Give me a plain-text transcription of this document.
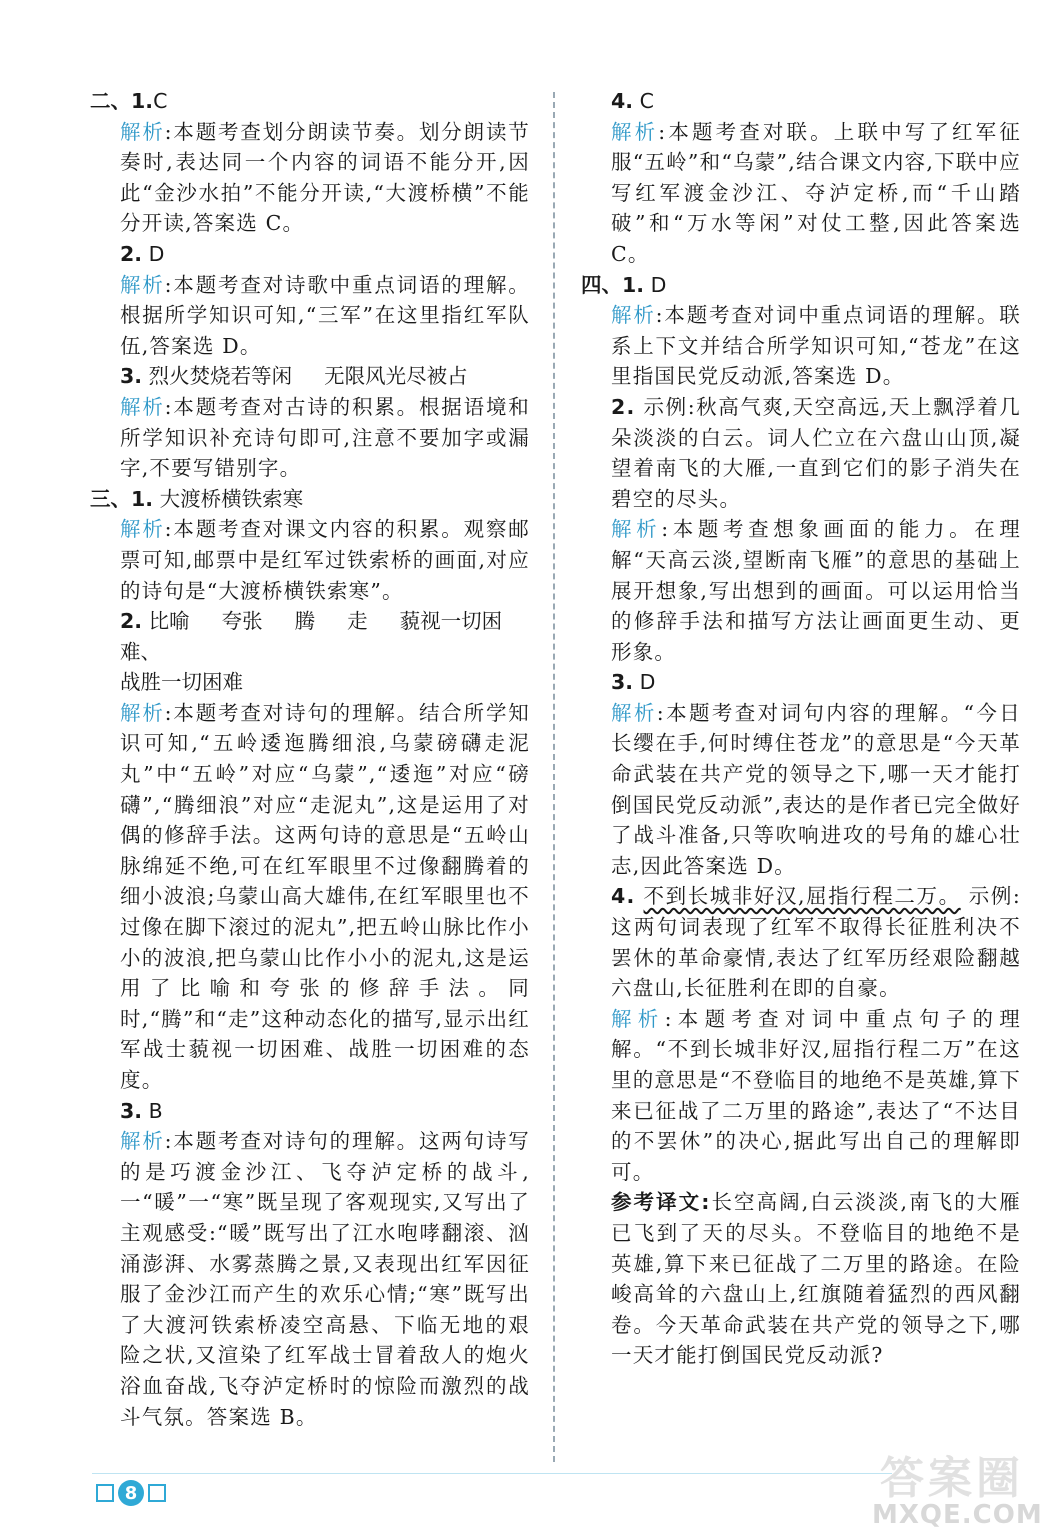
二、1.C
解析:本题考查划分朗读节奏。划分朗读节奏时,表达同一个内容的词语不能分开,因此“金沙水拍”不能分开读,“大渡桥横”不能分开读,答案选 C。
2. D
解析:本题考查对诗歌中重点词语的理解。根据所学知识可知,“三军”在这里指红军队伍,答案选 D。
3. 烈火焚烧若等闲 无限风光尽被占
解析:本题考查对古诗的积累。根据语境和所学知识补充诗句即可,注意不要加字或漏字,不要写错别字。
三、1. 大渡桥横铁索寒
解析:本题考查对课文内容的积累。观察邮票可知,邮票中是红军过铁索桥的画面,对应的诗句是“大渡桥横铁索寒”。
2. 比喻 夸张 腾 走 藐视一切困难、
战胜一切困难
解析:本题考查对诗句的理解。结合所学知识可知,“五岭逶迤腾细浪,乌蒙磅礴走泥丸”中“五岭”对应“乌蒙”,“逶迤”对应“磅礴”,“腾细浪”对应“走泥丸”,这是运用了对偶的修辞手法。这两句诗的意思是“五岭山脉绵延不绝,可在红军眼里不过像翻腾着的细小波浪;乌蒙山高大雄伟,在红军眼里也不过像在脚下滚过的泥丸”,把五岭山脉比作小小的波浪,把乌蒙山比作小小的泥丸,这是运用了比喻和夸张的修辞手法。同时,“腾”和“走”这种动态化的描写,显示出红军战士藐视一切困难、战胜一切困难的态度。
3. B
解析:本题考查对诗句的理解。这两句诗写的是巧渡金沙江、飞夺泸定桥的战斗,一“暖”一“寒”既呈现了客观现实,又写出了主观感受:“暖”既写出了江水咆哮翻滚、汹涌澎湃、水雾蒸腾之景,又表现出红军因征服了金沙江而产生的欢乐心情;“寒”既写出了大渡河铁索桥凌空高悬、下临无地的艰险之状,又渲染了红军战士冒着敌人的炮火浴血奋战,飞夺泸定桥时的惊险而激烈的战斗气氛。答案选 B。
4. C
解析:本题考查对联。上联中写了红军征服“五岭”和“乌蒙”,结合课文内容,下联中应写红军渡金沙江、夺泸定桥,而“千山踏破”和“万水等闲”对仗工整,因此答案选 C。
四、1. D
解析:本题考查对词中重点词语的理解。联系上下文并结合所学知识可知,“苍龙”在这里指国民党反动派,答案选 D。
2. 示例:秋高气爽,天空高远,天上飘浮着几朵淡淡的白云。词人伫立在六盘山山顶,凝望着南飞的大雁,一直到它们的影子消失在碧空的尽头。
解析:本题考查想象画面的能力。在理解“天高云淡,望断南飞雁”的意思的基础上展开想象,写出想到的画面。可以运用恰当的修辞手法和描写方法让画面更生动、更形象。
3. D
解析:本题考查对词句内容的理解。“今日长缨在手,何时缚住苍龙”的意思是“今天革命武装在共产党的领导之下,哪一天才能打倒国民党反动派”,表达的是作者已完全做好了战斗准备,只等吹响进攻的号角的雄心壮志,因此答案选 D。
4. 不到长城非好汉,屈指行程二万。 示例:这两句词表现了红军不取得长征胜利决不罢休的革命豪情,表达了红军历经艰险翻越六盘山,长征胜利在即的自豪。
解析:本题考查对词中重点句子的理解。“不到长城非好汉,屈指行程二万”在这里的意思是“不登临目的地绝不是英雄,算下来已征战了二万里的路途”,表达了“不达目的不罢休”的决心,据此写出自己的理解即可。
参考译文:长空高阔,白云淡淡,南飞的大雁已飞到了天的尽头。不登临目的地绝不是英雄,算下来已征战了二万里的路途。在险峻高耸的六盘山上,红旗随着猛烈的西风翻卷。今天革命武装在共产党的领导之下,哪一天才能打倒国民党反动派?
8	答案圈
MXQE.COM
